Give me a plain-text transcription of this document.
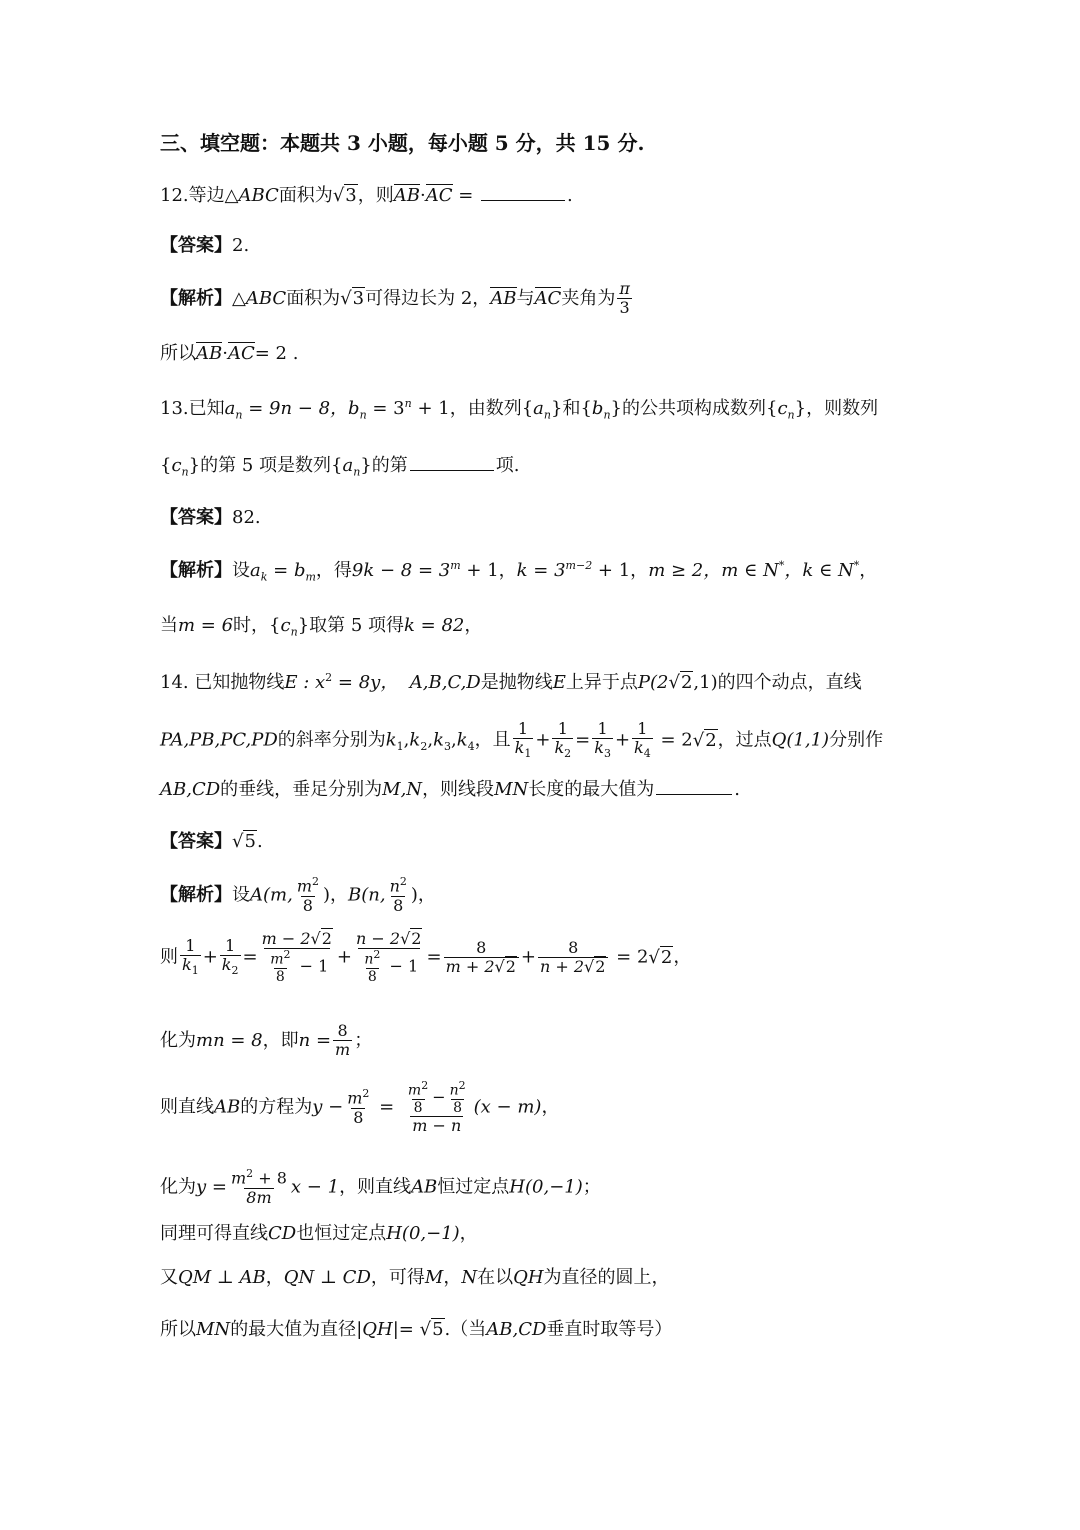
三、填空题：本题共 3 小题，每小题 5 分，共 15 分.
12.等边△ABC面积为√3，则AB·AC =	.
【答案】2.
【解析】△ABC面积为√3可得边长为 2，AB与AC夹角为 $\frac{\pi}{3}$
所以AB·AC= 2 .
13.已知$a_n = 9n - 8$，$b_n = 3^n + 1$，由数列$\{a_n\}$和$\{b_n\}$的公共项构成数列$\{c_n\}$，则数列
$\{c_n\}$的第 5 项是数列$\{a_n\}$的第	项.
【答案】82.
【解析】设$a_k = b_m$，得$9k - 8 = 3^m + 1$，$k = 3^{m-2} + 1$，m ≥ 2，m ∈ N*，k ∈ N*，
当m = 6时，$\{c_n\}$取第 5 项得k = 82，
14. 已知抛物线E : $x^2 = 8y$， A,B,C,D是抛物线E上异于点P(2√2,1)的四个动点，直线
PA,PB,PC,PD的斜率分别为$k_1,k_2,k_3,k_4$，且 $\frac{1}{k_1} + \frac{1}{k_2} = \frac{1}{k_3} + \frac{1}{k_4} = 2√2$，过点Q(1,1)分别作
AB,CD的垂线，垂足分别为M,N，则线段MN长度的最大值为	.
【答案】√5.
【解析】设A(m, $\frac{m^2}{8}$ )，B(n, $\frac{n^2}{8}$ )，
则 $\frac{1}{k_1} + \frac{1}{k_2} = \frac{m - 2√2}{\frac{m^2}{8} - 1} + \frac{n - 2√2}{\frac{n^2}{8} - 1} = \frac{8}{m + 2√2} + \frac{8}{n + 2√2} = 2√2$，
化为mn = 8，即$n = \frac{8}{m}$ ；
则直线AB的方程为$y - \frac{m^2}{8} = \frac{\frac{m^2}{8} - \frac{n^2}{8}}{m - n} (x - m)$，
化为$y = \frac{m^2 + 8}{8m}$ x − 1，则直线AB恒过定点H(0,−1)；
同理可得直线CD也恒过定点H(0,−1)，
又QM ⊥ AB，QN ⊥ CD，可得M，N在以QH为直径的圆上，
所以MN的最大值为直径|QH|= √5.（当AB,CD垂直时取等号）
